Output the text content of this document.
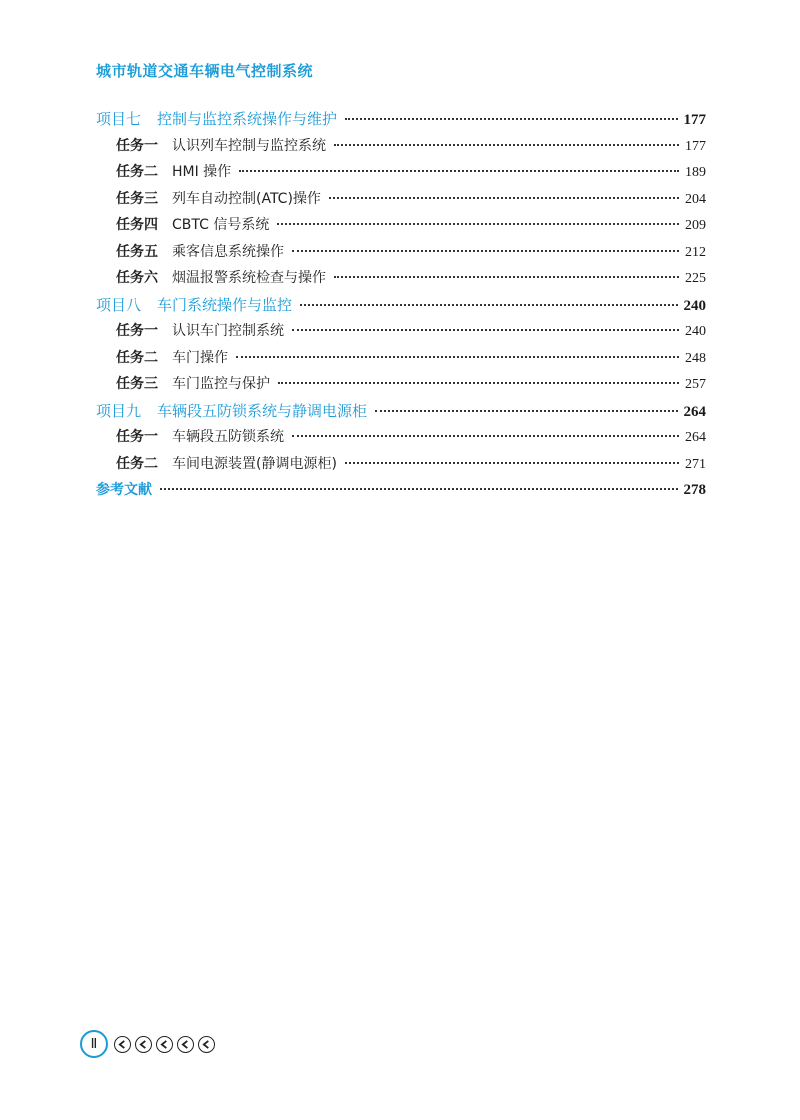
城市轨道交通车辆电气控制系统
项目七 控制与监控系统操作与维护	177
任务一 认识列车控制与监控系统	177
任务二 HMI 操作	189
任务三 列车自动控制(ATC)操作	204
任务四 CBTC 信号系统	209
任务五 乘客信息系统操作	212
任务六 烟温报警系统检查与操作	225
项目八 车门系统操作与监控	240
任务一 认识车门控制系统	240
任务二 车门操作	248
任务三 车门监控与保护	257
项目九 车辆段五防锁系统与静调电源柜	264
任务一 车辆段五防锁系统	264
任务二 车间电源装置(静调电源柜)	271
参考文献	278
Ⅱ
